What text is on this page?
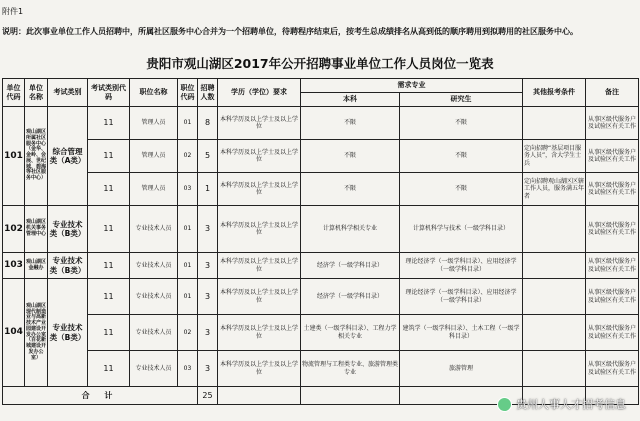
附件1
说明：此次事业单位工作人员招聘中，所属社区服务中心合并为一个招聘单位，待聘程序结束后，按考生总成绩排名从高到低的顺序聘用到拟聘用的社区服务中心。
贵阳市观山湖区2017年公开招聘事业单位工作人员岗位一览表
单位代码	单位名称	考试类别	考试类别代码	职位名称	职位代码	招聘人数	学历（学位）要求	需求专业		其他报考条件	备注
								本科	研究生		
101	观山湖区所属社区服务中心（金华、金岭、会展、世纪城、碧海等社区服务中心）	综合管理类（A类）	11	管理人员	01	8	本科学历及以上学士及以上学位	不限	不限		从事区级代服务户及试验区有关工作
			11	管理人员	02	5	本科学历及以上学士及以上学位	不限	不限	定向招聘“基层项目服务人员”，含大学生士兵	从事区级代服务户及试验区有关工作
			11	管理人员	03	1	本科学历及以上学士及以上学位	不限	不限	定向招聘观山湖区区辖工作人员，服务满五年者	从事区级代服务户及试验区有关工作
102	观山湖区机关事务管理中心	专业技术类（B类）	11	专业技术人员	01	3	本科学历及以上学士及以上学位	计算机科学相关专业	计算机科学与技术（一级学科目录）		从事区级代服务户及试验区有关工作
103	观山湖区金融办	专业技术类（B类）	11	专业技术人员	01	3	本科学历及以上学士及以上学位	经济学（一级学科目录）	理论经济学（一级学科目录）、应用经济学（一级学科目录）		从事区级代服务户及试验区有关工作
104	观山湖区现代制造业与高新技术产业园建设开发办公室（百花新城建设开发办公室）	专业技术类（B类）	11	专业技术人员	01	3	本科学历及以上学士及以上学位	经济学（一级学科目录）	理论经济学（一级学科目录）、应用经济学（一级学科目录）		从事区级代服务户及试验区有关工作
			11	专业技术人员	02	3	本科学历及以上学士及以上学位	土建类（一级学科目录）、工程力学相关专业	建筑学（一级学科目录）、土木工程（一级学科目录）		从事区级代服务户及试验区有关工作
			11	专业技术人员	03	3	本科学历及以上学士及以上学位	物流管理与工程类专业、旅游管理类专业	旅游管理		从事区级代服务户及试验区有关工作
合 计						25					
贵州人事人才招考信息
